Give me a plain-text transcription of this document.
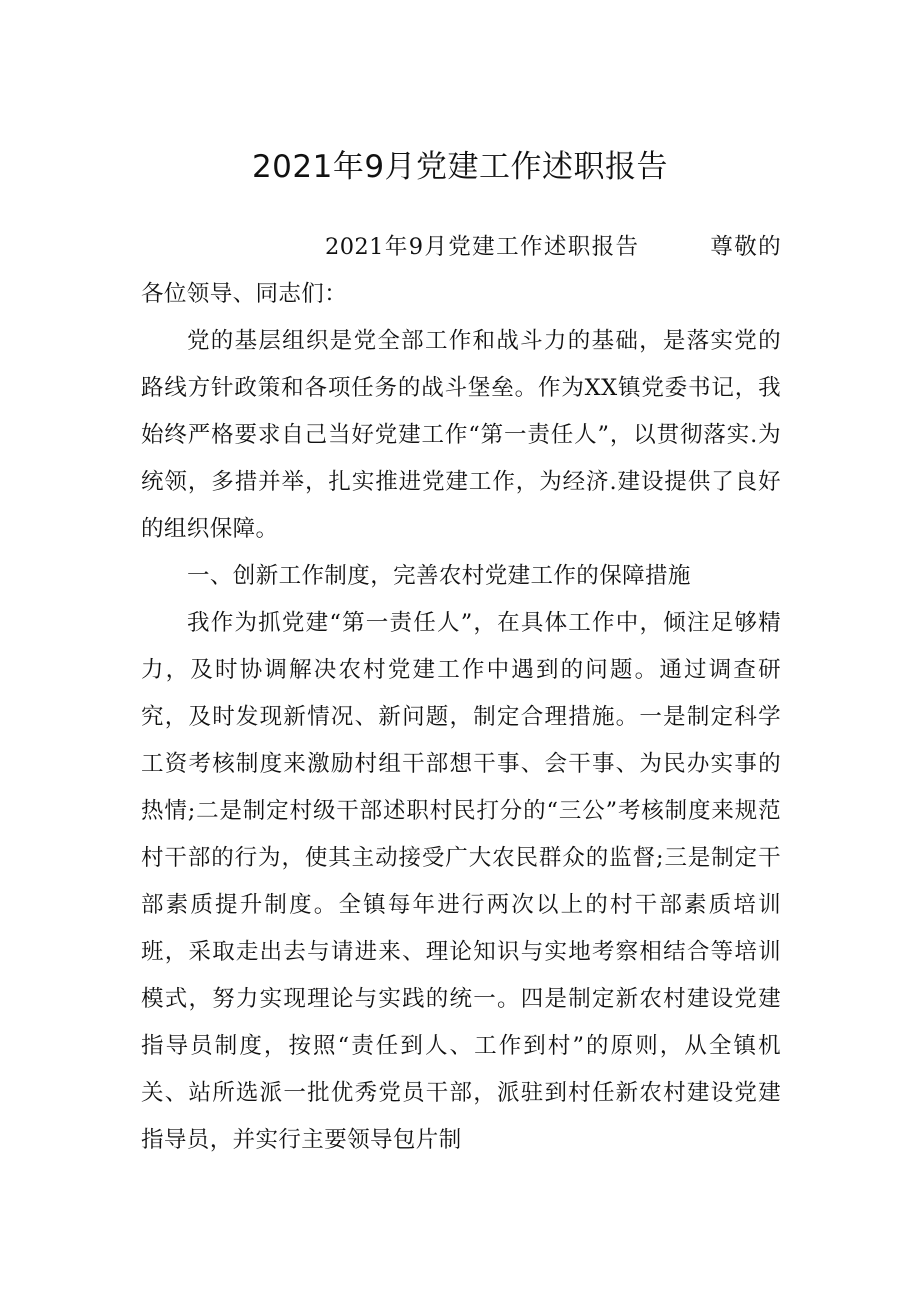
2021年9月党建工作述职报告

2021年9月党建工作述职报告	尊敬的各位领导、同志们：

党的基层组织是党全部工作和战斗力的基础，是落实党的路线方针政策和各项任务的战斗堡垒。作为XX镇党委书记，我始终严格要求自己当好党建工作“第一责任人”，以贯彻落实.为统领，多措并举，扎实推进党建工作，为经济.建设提供了良好的组织保障。

一、创新工作制度，完善农村党建工作的保障措施

我作为抓党建“第一责任人”，在具体工作中，倾注足够精力，及时协调解决农村党建工作中遇到的问题。通过调查研究，及时发现新情况、新问题，制定合理措施。一是制定科学工资考核制度来激励村组干部想干事、会干事、为民办实事的热情;二是制定村级干部述职村民打分的“三公”考核制度来规范村干部的行为，使其主动接受广大农民群众的监督;三是制定干部素质提升制度。全镇每年进行两次以上的村干部素质培训班，采取走出去与请进来、理论知识与实地考察相结合等培训模式，努力实现理论与实践的统一。四是制定新农村建设党建指导员制度，按照“责任到人、工作到村”的原则，从全镇机关、站所选派一批优秀党员干部，派驻到村任新农村建设党建指导员，并实行主要领导包片制
